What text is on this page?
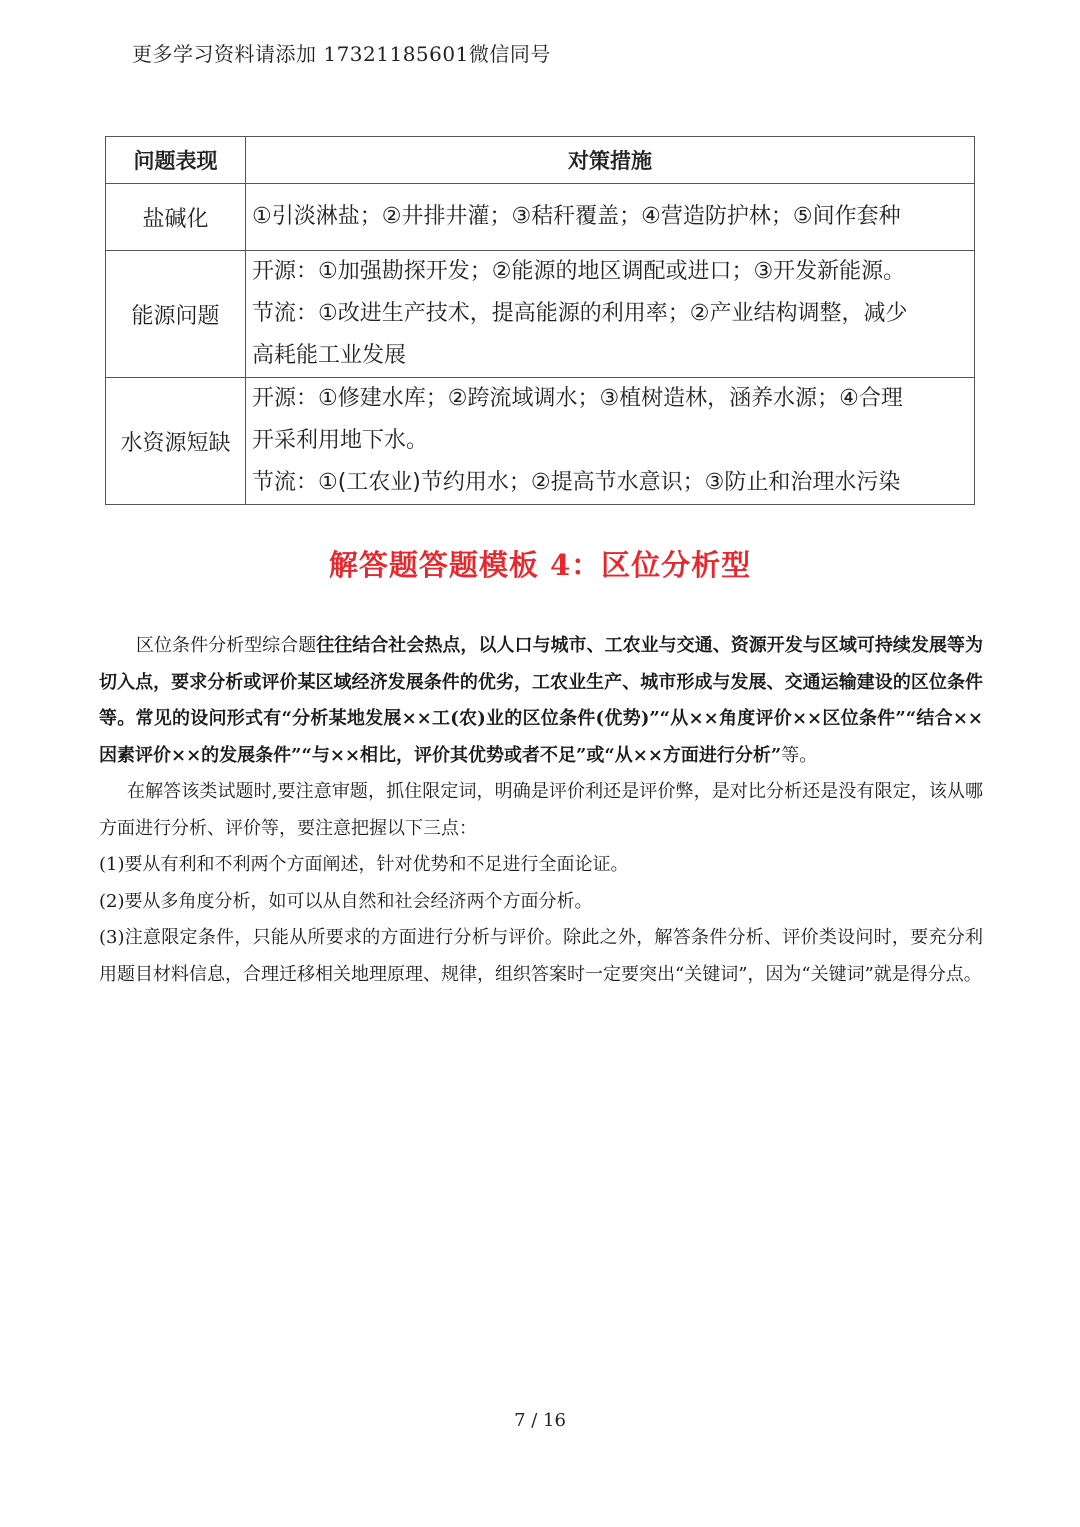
更多学习资料请添加 17321185601微信同号
问题表现	对策措施
盐碱化	①引淡淋盐；②井排井灌；③秸秆覆盖；④营造防护林；⑤间作套种

能源问题	开源：①加强勘探开发；②能源的地区调配或进口；③开发新能源。
节流：①改进生产技术，提高能源的利用率；②产业结构调整，减少
高耗能工业发展

水资源短缺	开源：①修建水库；②跨流域调水；③植树造林，涵养水源；④合理
开采利用地下水。
节流：①(工农业)节约用水；②提高节水意识；③防止和治理水污染
解答题答题模板 4：区位分析型

区位条件分析型综合题往往结合社会热点，以人口与城市、工农业与交通、资源开发与区域可持续发展等为切入点，要求分析或评价某区域经济发展条件的优劣，工农业生产、城市形成与发展、交通运输建设的区位条件等。常见的设问形式有“分析某地发展××工(农)业的区位条件(优势)”“从××角度评价××区位条件”“结合××因素评价××的发展条件”“与××相比，评价其优势或者不足”或“从××方面进行分析”等。

在解答该类试题时,要注意审题，抓住限定词，明确是评价利还是评价弊，是对比分析还是没有限定，该从哪方面进行分析、评价等，要注意把握以下三点：

(1)要从有利和不利两个方面阐述，针对优势和不足进行全面论证。

(2)要从多角度分析，如可以从自然和社会经济两个方面分析。

(3)注意限定条件，只能从所要求的方面进行分析与评价。除此之外，解答条件分析、评价类设问时，要充分利用题目材料信息，合理迁移相关地理原理、规律，组织答案时一定要突出“关键词”，因为“关键词”就是得分点。

7 / 16
